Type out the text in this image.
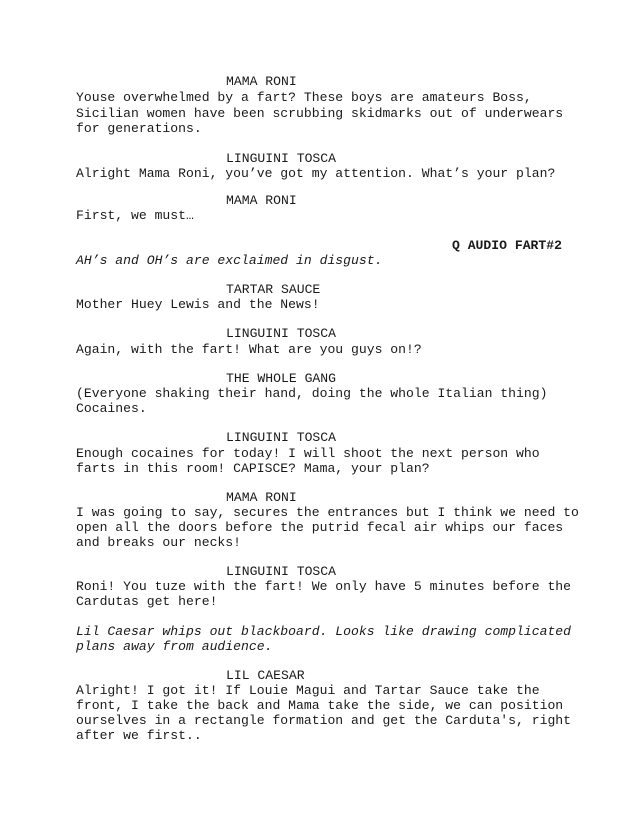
MAMA RONI
Youse overwhelmed by a fart? These boys are amateurs Boss,
Sicilian women have been scrubbing skidmarks out of underwears
for generations.
LINGUINI TOSCA
Alright Mama Roni, you’ve got my attention. What’s your plan?
MAMA RONI
First, we must…
Q AUDIO FART#2
AH’s and OH’s are exclaimed in disgust.
TARTAR SAUCE
Mother Huey Lewis and the News!
LINGUINI TOSCA
Again, with the fart! What are you guys on!?
THE WHOLE GANG
(Everyone shaking their hand, doing the whole Italian thing)
Cocaines.
LINGUINI TOSCA
Enough cocaines for today! I will shoot the next person who
farts in this room! CAPISCE? Mama, your plan?
MAMA RONI
I was going to say, secures the entrances but I think we need to
open all the doors before the putrid fecal air whips our faces
and breaks our necks!
LINGUINI TOSCA
Roni! You tuze with the fart! We only have 5 minutes before the
Cardutas get here!
Lil Caesar whips out blackboard. Looks like drawing complicated
plans away from audience.
LIL CAESAR
Alright! I got it! If Louie Magui and Tartar Sauce take the
front, I take the back and Mama take the side, we can position
ourselves in a rectangle formation and get the Carduta's, right
after we first..
